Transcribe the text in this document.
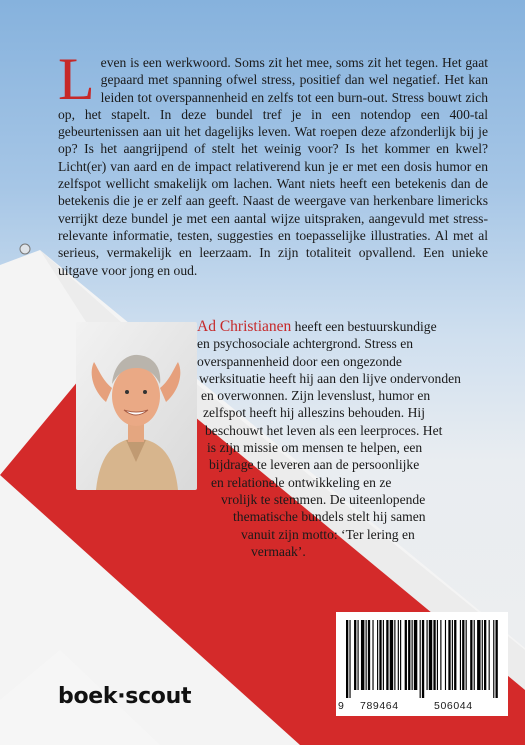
L even is een werkwoord. Soms zit het mee, soms zit het tegen. Het gaat gepaard met spanning ofwel stress, positief dan wel negatief. Het kan leiden tot overspannenheid en zelfs tot een burn-out. Stress bouwt zich op, het stapelt. In deze bundel tref je in een notendop een 400-tal gebeurtenissen aan uit het dagelijks leven. Wat roepen deze afzonderlijk bij je op? Is het aangrijpend of stelt het weinig voor? Is het kommer en kwel? Licht(er) van aard en de impact relativerend kun je er met een dosis humor en zelfspot wellicht smakelijk om lachen. Want niets heeft een betekenis dan de betekenis die je er zelf aan geeft. Naast de weergave van herkenbare limericks verrijkt deze bundel je met een aantal wijze uitspraken, aangevuld met stress-relevante informatie, testen, suggesties en toepasselijke illustraties. Al met al serieus, vermakelijk en leerzaam. In zijn totaliteit opvallend. Een unieke uitgave voor jong en oud.

Ad Christianen heeft een bestuurskundige
en psychosociale achtergrond. Stress en
overspannenheid door een ongezonde
werksituatie heeft hij aan den lijve ondervonden
en overwonnen. Zijn levenslust, humor en
zelfspot heeft hij alleszins behouden. Hij
beschouwt het leven als een leerproces. Het
is zijn missie om mensen te helpen, een
bijdrage te leveren aan de persoonlijke
en relationele ontwikkeling en ze
vrolijk te stemmen. De uiteenlopende
thematische bundels stelt hij samen
vanuit zijn motto: ‘Ter lering en
vermaak’.

9 789464	506044
boek·scout
